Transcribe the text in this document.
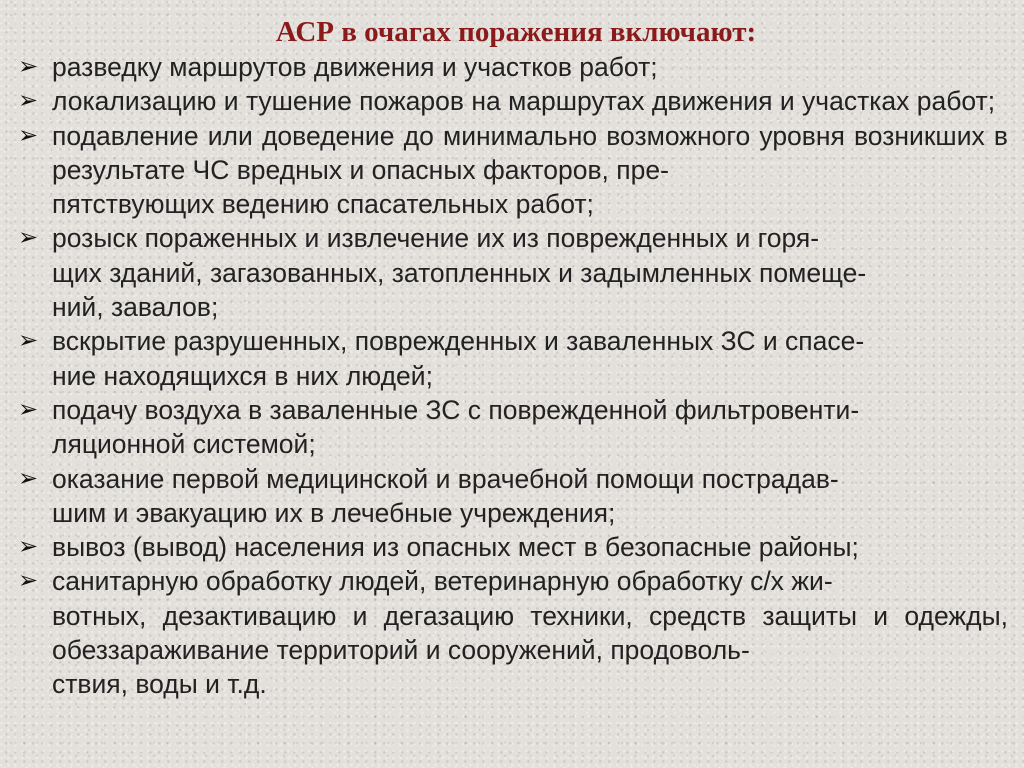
АСР в очагах поражения включают:
➢ разведку маршрутов движения и участков работ;
➢ локализацию и тушение пожаров на маршрутах движения и участках работ;
➢ подавление или доведение до минимально возможного уровня возникших в результате ЧС вредных и опасных факторов, пре-
пятствующих ведению спасательных работ;
➢ розыск пораженных и извлечение их из поврежденных и горя-
щих зданий, загазованных, затопленных и задымленных помеще-
ний, завалов;
➢ вскрытие разрушенных, поврежденных и заваленных ЗС и спасе-
ние находящихся в них людей;
➢ подачу воздуха в заваленные ЗС с поврежденной фильтровенти-
ляционной системой;
➢ оказание первой медицинской и врачебной помощи пострадав-
шим и эвакуацию их в лечебные учреждения;
➢ вывоз (вывод) населения из опасных мест в безопасные районы;
➢ санитарную обработку людей, ветеринарную обработку с/х жи-
вотных, дезактивацию и дегазацию техники, средств защиты и одежды, обеззараживание территорий и сооружений, продоволь-
ствия, воды и т.д.
